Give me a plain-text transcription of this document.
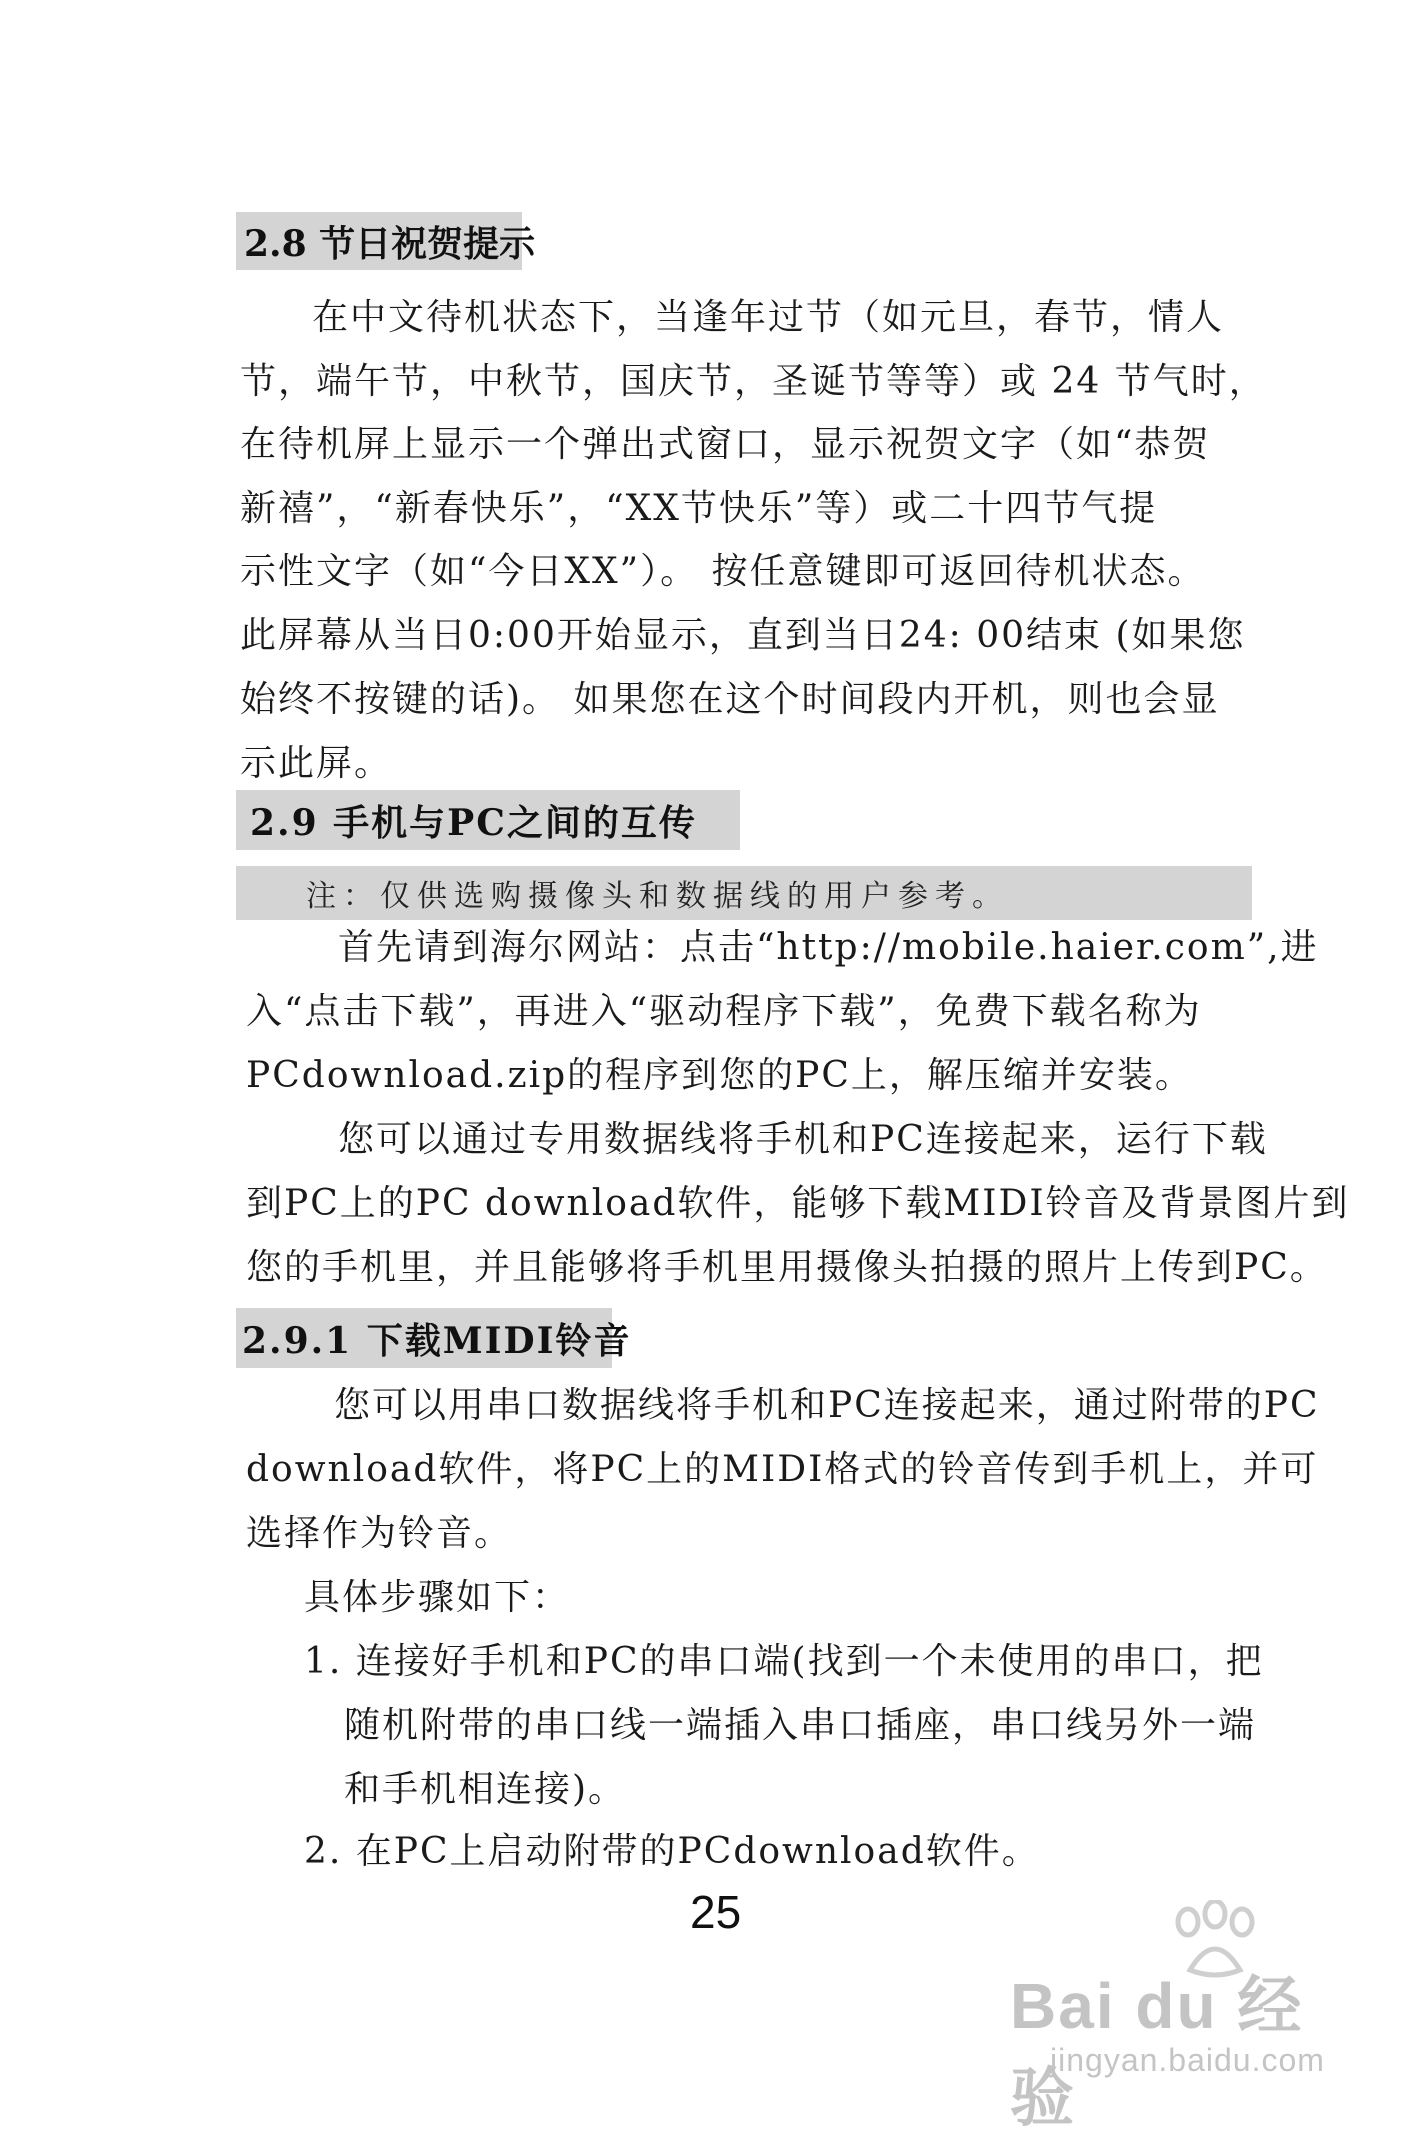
2.8 节日祝贺提示
在中文待机状态下，当逢年过节（如元旦，春节，情人
节，端午节，中秋节，国庆节，圣诞节等等）或 24 节气时，
在待机屏上显示一个弹出式窗口，显示祝贺文字（如“恭贺
新禧”，“新春快乐”，“XX节快乐”等）或二十四节气提
示性文字（如“今日XX”）。 按任意键即可返回待机状态。
此屏幕从当日0:00开始显示，直到当日24: 00结束 (如果您
始终不按键的话)。 如果您在这个时间段内开机，则也会显
示此屏。
2.9 手机与PC之间的互传
注：仅供选购摄像头和数据线的用户参考。
首先请到海尔网站：点击“http://mobile.haier.com”,进
入“点击下载”，再进入“驱动程序下载”，免费下载名称为
PCdownload.zip的程序到您的PC上，解压缩并安装。
您可以通过专用数据线将手机和PC连接起来，运行下载
到PC上的PC download软件，能够下载MIDI铃音及背景图片到
您的手机里，并且能够将手机里用摄像头拍摄的照片上传到PC。
2.9.1 下载MIDI铃音
您可以用串口数据线将手机和PC连接起来，通过附带的PC
download软件，将PC上的MIDI格式的铃音传到手机上，并可
选择作为铃音。
具体步骤如下：
1. 连接好手机和PC的串口端(找到一个未使用的串口，把
随机附带的串口线一端插入串口插座，串口线另外一端
和手机相连接)。
2. 在PC上启动附带的PCdownload软件。
25
Bai du 经验
jingyan.baidu.com
